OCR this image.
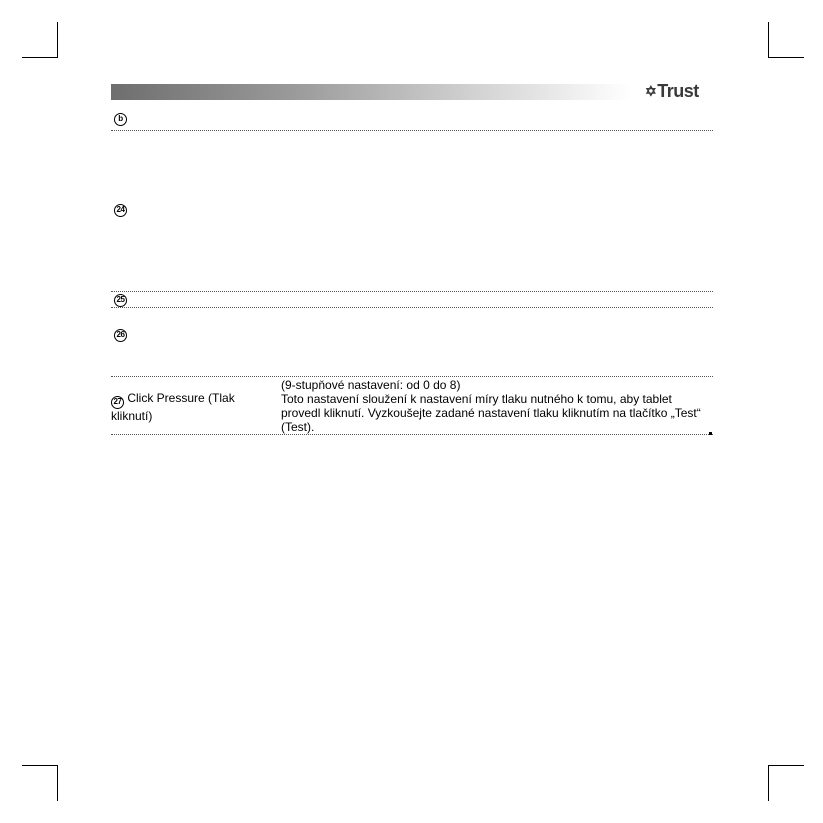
✡ Trust
b
24
25
26
27 Click Pressure (Tlak kliknutí)

(9-stupňové nastavení: od 0 do 8)

Toto nastavení sloužení k nastavení míry tlaku nutného k tomu, aby tablet provedl kliknutí. Vyzkoušejte zadané nastavení tlaku kliknutím na tlačítko „Test“ (Test).
